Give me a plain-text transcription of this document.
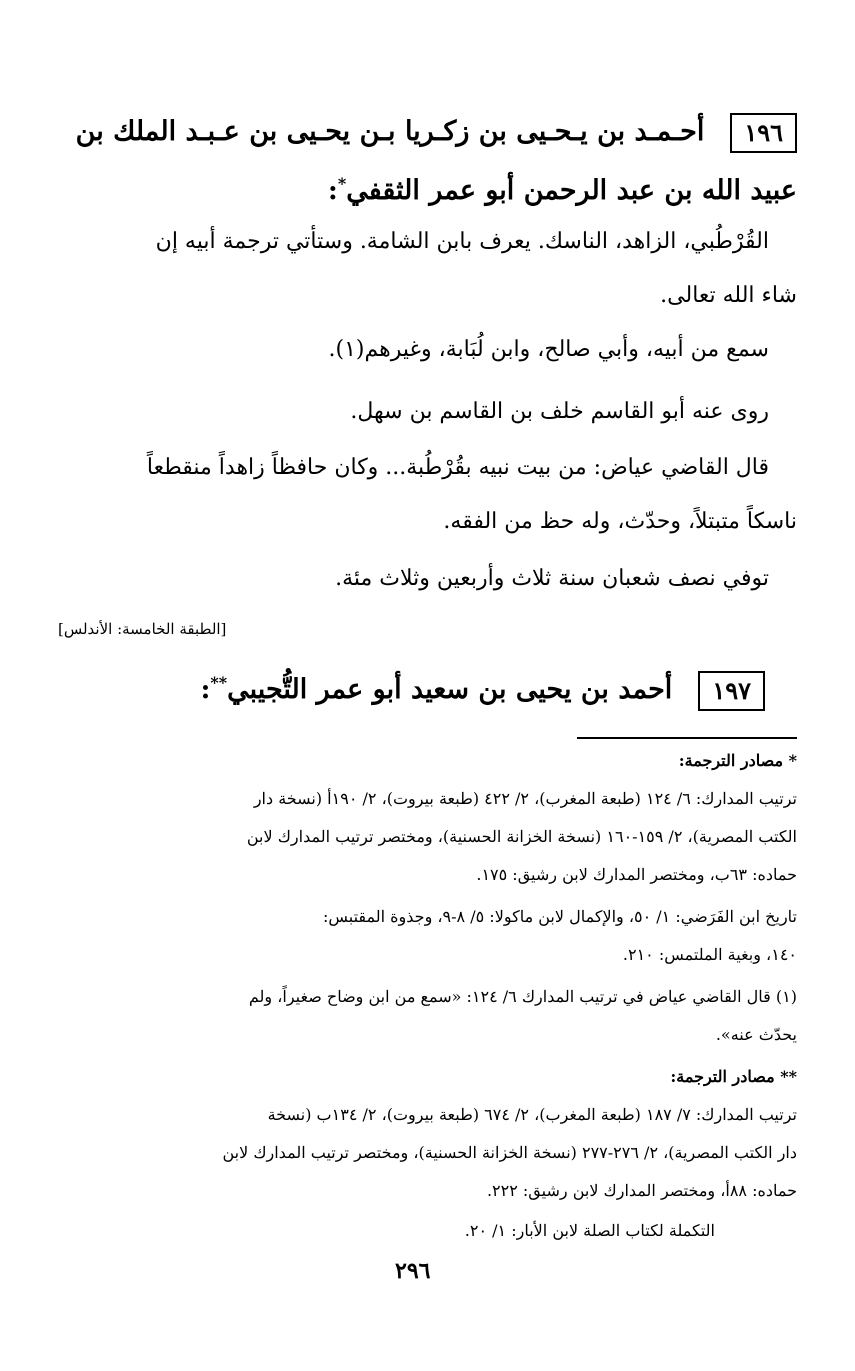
١٩٦أحـمـد بن يـحـيى بن زكـريا بـن يحـيى بن عـبـد الملك بن
عبيد الله بن عبد الرحمن أبو عمر الثقفي*:
القُرْطُبي، الزاهد، الناسك. يعرف بابن الشامة. وستأتي ترجمة أبيه إن
شاء الله تعالى.
سمع من أبيه، وأبي صالح، وابن لُبَابة، وغيرهم(١).
روى عنه أبو القاسم خلف بن القاسم بن سهل.
قال القاضي عياض: من بيت نبيه بقُرْطُبة... وكان حافظاً زاهداً منقطعاً
ناسكاً متبتلاً، وحدّث، وله حظ من الفقه.
توفي نصف شعبان سنة ثلاث وأربعين وثلاث مئة.
[الطبقة الخامسة: الأندلس]
١٩٧أحمد بن يحيى بن سعيد أبو عمر التُّجيبي**:
* مصادر الترجمة:
ترتيب المدارك: ٦/ ١٢٤ (طبعة المغرب)، ٢/ ٤٢٢ (طبعة بيروت)، ٢/ ١٩٠أ (نسخة دار
الكتب المصرية)، ٢/ ١٥٩-١٦٠ (نسخة الخزانة الحسنية)، ومختصر ترتيب المدارك لابن
حماده: ٦٣ب، ومختصر المدارك لابن رشيق: ١٧٥.
تاريخ ابن الفَرَضي: ١/ ٥٠، والإكمال لابن ماكولا: ٥/ ٨-٩، وجذوة المقتبس:
١٤٠، وبغية الملتمس: ٢١٠.
(١) قال القاضي عياض في ترتيب المدارك ٦/ ١٢٤: «سمع من ابن وضاح صغيراً، ولم
يحدّث عنه».
** مصادر الترجمة:
ترتيب المدارك: ٧/ ١٨٧ (طبعة المغرب)، ٢/ ٦٧٤ (طبعة بيروت)، ٢/ ١٣٤ب (نسخة
دار الكتب المصرية)، ٢/ ٢٧٦-٢٧٧ (نسخة الخزانة الحسنية)، ومختصر ترتيب المدارك لابن
حماده: ٨٨أ، ومختصر المدارك لابن رشيق: ٢٢٢.
التكملة لكتاب الصلة لابن الأبار: ١/ ٢٠.
٢٩٦
